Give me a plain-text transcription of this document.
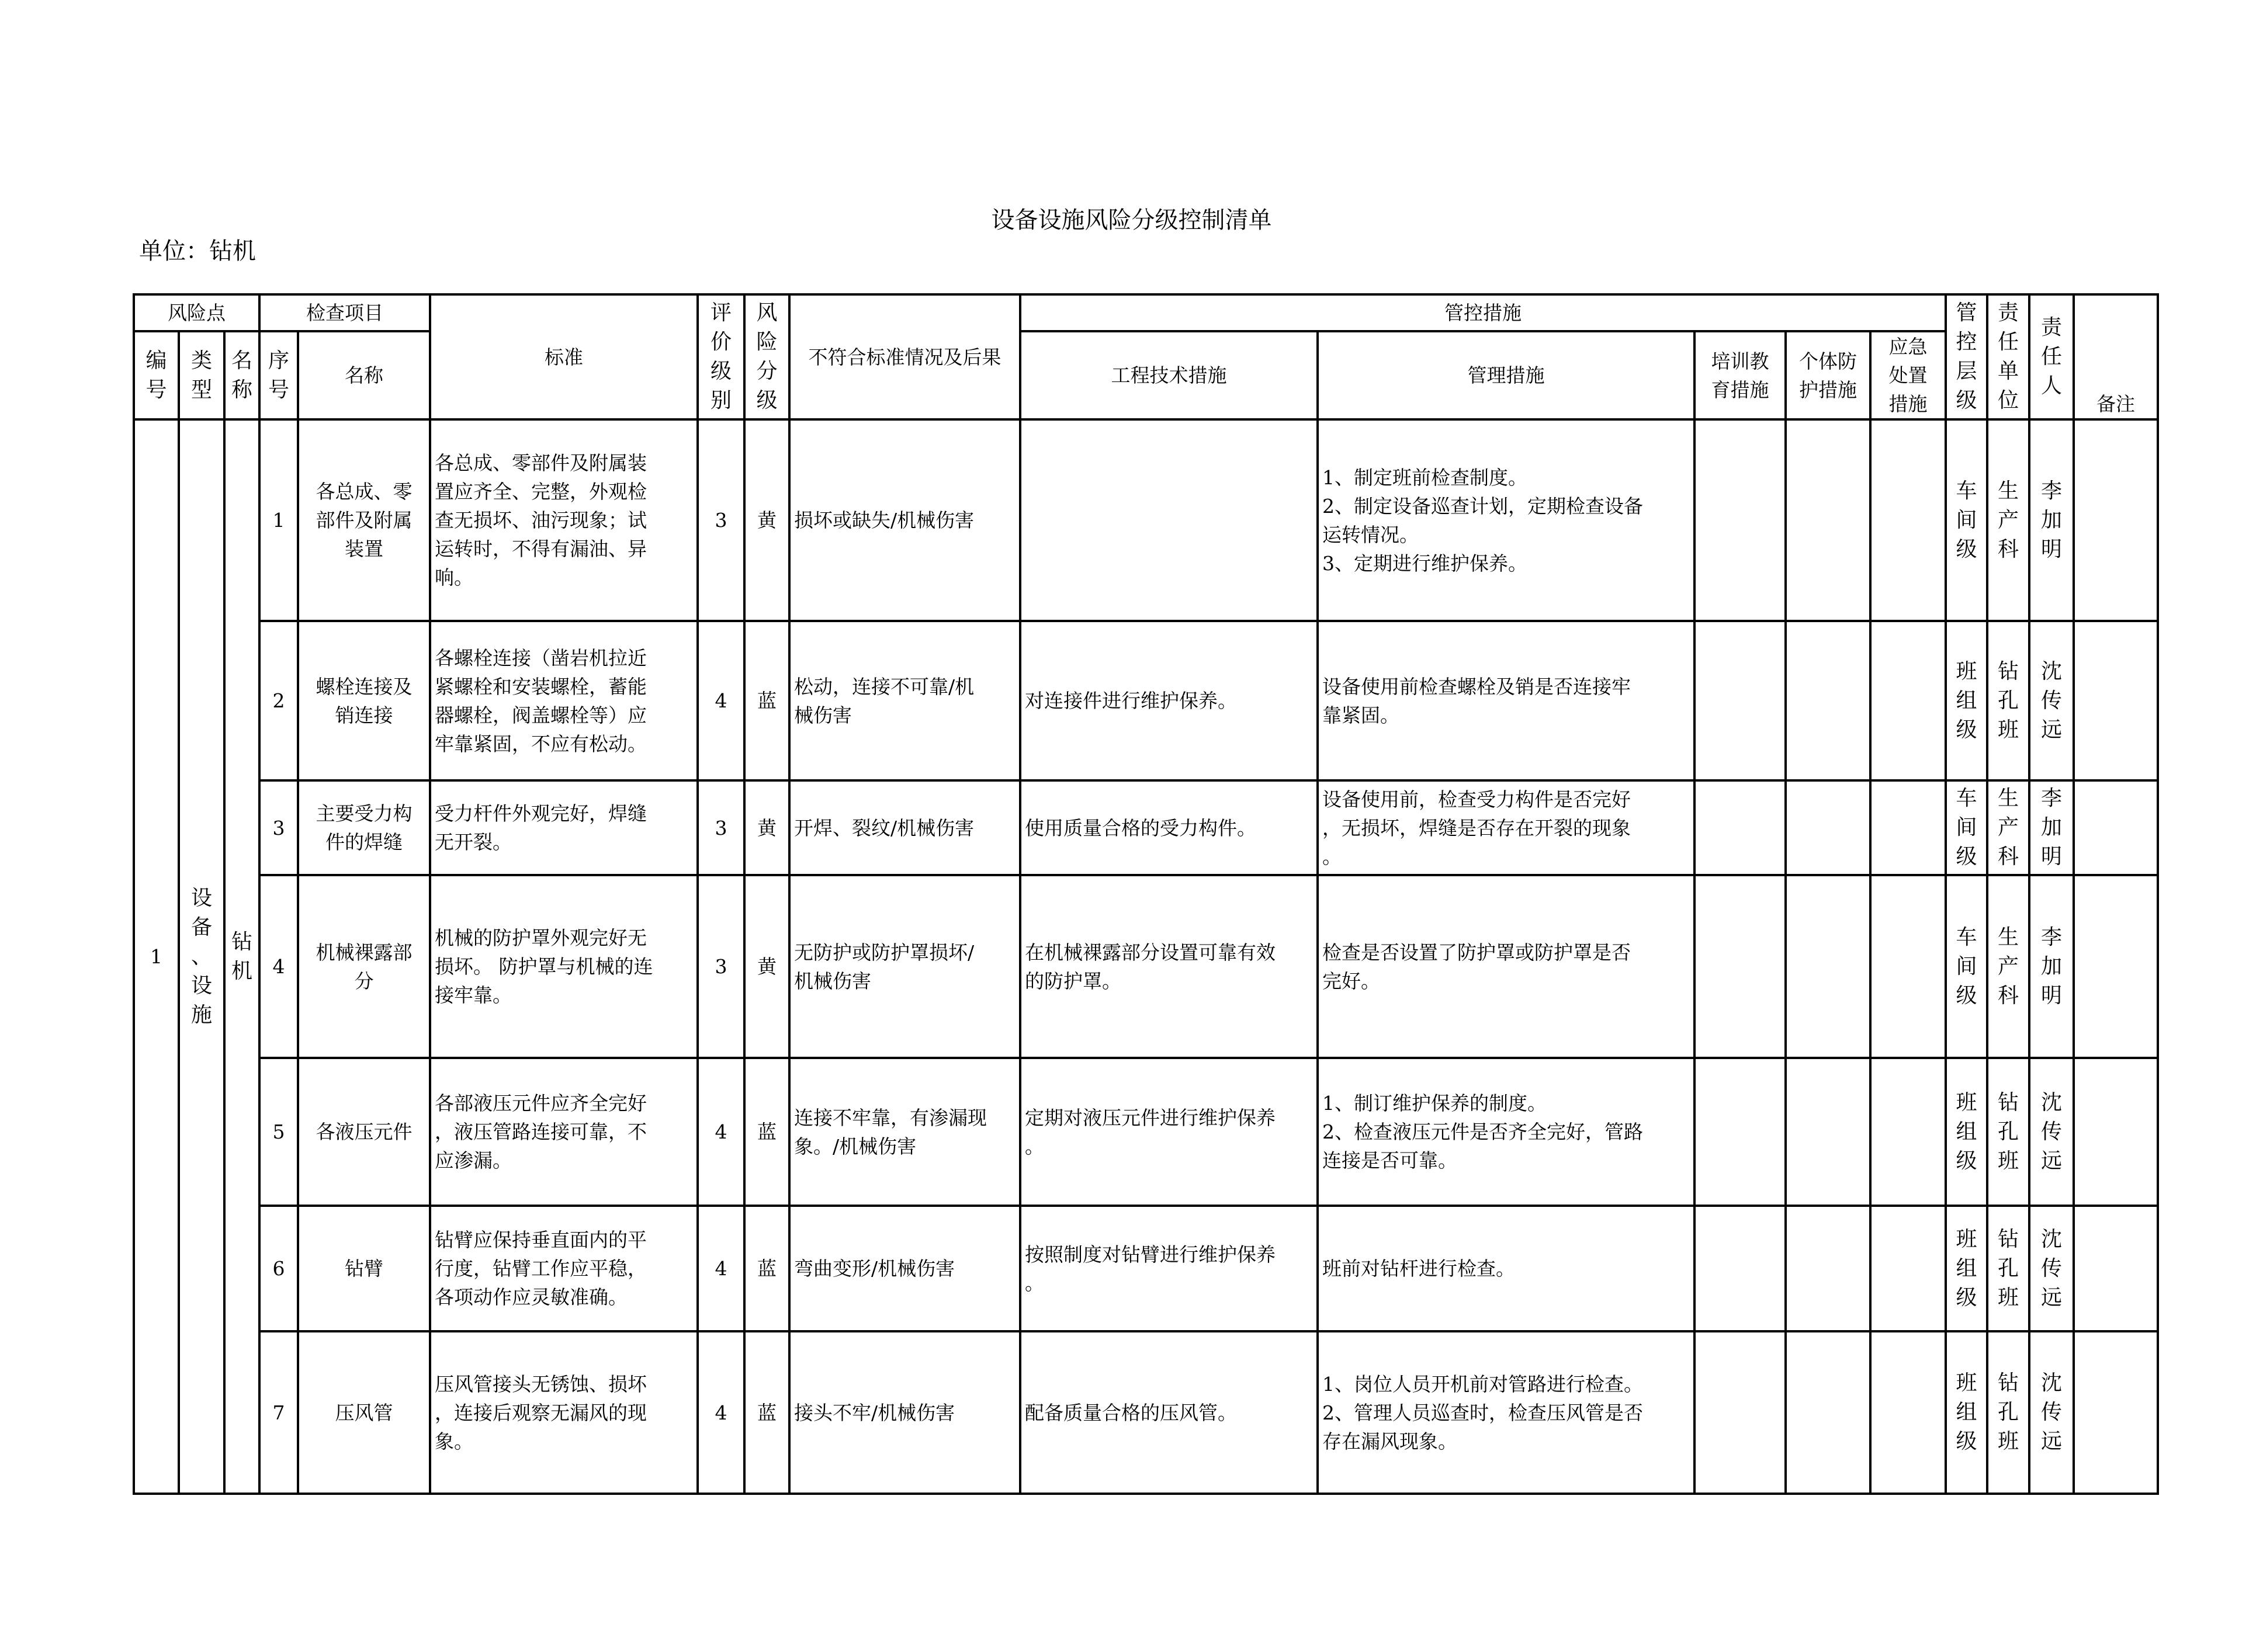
设备设施风险分级控制清单
单位：钻机
风险点			检查项目		标准	评
价
级
别	风
险
分
级	不符合标准情况及后果	管控措施					管
控
层
级	责
任
单
位	责
任
人	备注

编
号	类
型	名
称	序
号	名称					工程技术措施	管理措施	培训教
育措施	个体防
护措施	应急
处置
措施				
1	设
备
、
设
施	钻
机	1	各总成、零
部件及附属
装置	各总成、零部件及附属装
置应齐全、完整，外观检
查无损坏、油污现象；试
运转时，不得有漏油、异
响。	3	黄	损坏或缺失/机械伤害		1、制定班前检查制度。
2、制定设备巡查计划，定期检查设备
运转情况。
3、定期进行维护保养。				车
间
级	生
产
科	李
加
明	

			2	螺栓连接及
销连接	各螺栓连接（凿岩机拉近
紧螺栓和安装螺栓，蓄能
器螺栓，阀盖螺栓等）应
牢靠紧固，不应有松动。	4	蓝	松动，连接不可靠/机
械伤害	对连接件进行维护保养。	设备使用前检查螺栓及销是否连接牢
靠紧固。				班
组
级	钻
孔
班	沈
传
远	

			3	主要受力构
件的焊缝	受力杆件外观完好，焊缝
无开裂。	3	黄	开焊、裂纹/机械伤害	使用质量合格的受力构件。	设备使用前，检查受力构件是否完好
，无损坏，焊缝是否存在开裂的现象
。				车
间
级	生
产
科	李
加
明	

			4	机械裸露部
分	机械的防护罩外观完好无
损坏。 防护罩与机械的连
接牢靠。	3	黄	无防护或防护罩损坏/
机械伤害	在机械裸露部分设置可靠有效
的防护罩。	检查是否设置了防护罩或防护罩是否
完好。				车
间
级	生
产
科	李
加
明	

			5	各液压元件	各部液压元件应齐全完好
，液压管路连接可靠，不
应渗漏。	4	蓝	连接不牢靠，有渗漏现
象。/机械伤害	定期对液压元件进行维护保养
。	1、制订维护保养的制度。
2、检查液压元件是否齐全完好，管路
连接是否可靠。				班
组
级	钻
孔
班	沈
传
远	

			6	钻臂	钻臂应保持垂直面内的平
行度，钻臂工作应平稳，
各项动作应灵敏准确。	4	蓝	弯曲变形/机械伤害	按照制度对钻臂进行维护保养
。	班前对钻杆进行检查。				班
组
级	钻
孔
班	沈
传
远	

			7	压风管	压风管接头无锈蚀、损坏
，连接后观察无漏风的现
象。	4	蓝	接头不牢/机械伤害	配备质量合格的压风管。	1、岗位人员开机前对管路进行检查。
2、管理人员巡查时，检查压风管是否
存在漏风现象。				班
组
级	钻
孔
班	沈
传
远	
